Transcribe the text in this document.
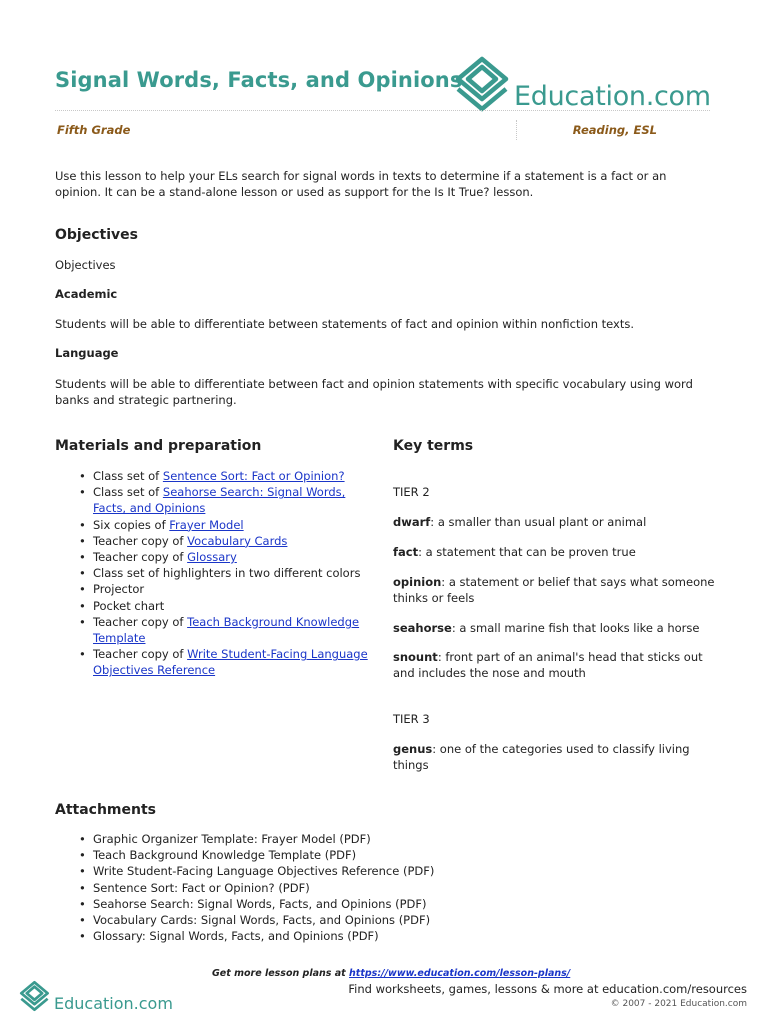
Signal Words, Facts, and Opinions
Education.com
Fifth Grade	Reading, ESL
Use this lesson to help your ELs search for signal words in texts to determine if a statement is a fact or an opinion. It can be a stand-alone lesson or used as support for the Is It True? lesson.
Objectives
Objectives
Academic
Students will be able to differentiate between statements of fact and opinion within nonfiction texts.
Language
Students will be able to differentiate between fact and opinion statements with specific vocabulary using word banks and strategic partnering.
Materials and preparation
• Class set of Sentence Sort: Fact or Opinion?
• Class set of Seahorse Search: Signal Words, Facts, and Opinions
• Six copies of Frayer Model
• Teacher copy of Vocabulary Cards
• Teacher copy of Glossary
• Class set of highlighters in two different colors
• Projector
• Pocket chart
• Teacher copy of Teach Background Knowledge Template
• Teacher copy of Write Student-Facing Language Objectives Reference
Key terms
TIER 2
dwarf: a smaller than usual plant or animal
fact: a statement that can be proven true
opinion: a statement or belief that says what someone thinks or feels
seahorse: a small marine fish that looks like a horse
snount: front part of an animal's head that sticks out and includes the nose and mouth
TIER 3
genus: one of the categories used to classify living things
Attachments
• Graphic Organizer Template: Frayer Model (PDF)
• Teach Background Knowledge Template (PDF)
• Write Student-Facing Language Objectives Reference (PDF)
• Sentence Sort: Fact or Opinion? (PDF)
• Seahorse Search: Signal Words, Facts, and Opinions (PDF)
• Vocabulary Cards: Signal Words, Facts, and Opinions (PDF)
• Glossary: Signal Words, Facts, and Opinions (PDF)
Get more lesson plans at https://www.education.com/lesson-plans/
Find worksheets, games, lessons & more at education.com/resources
© 2007 - 2021 Education.com
Education.com
